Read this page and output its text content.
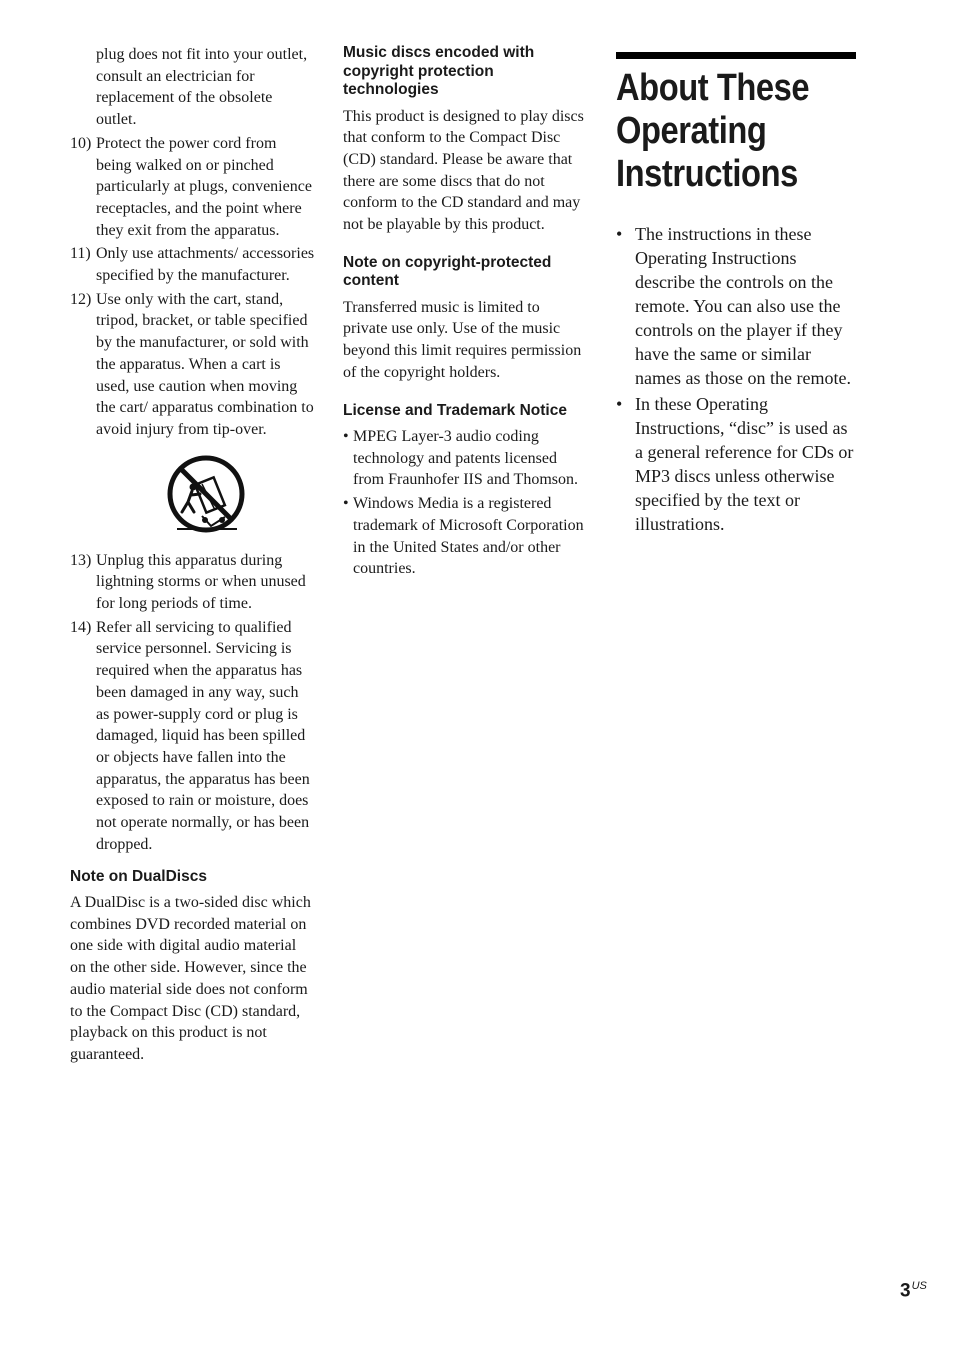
plug does not fit into your outlet, consult an electrician for replacement of the obsolete outlet.

10) Protect the power cord from being walked on or pinched particularly at plugs, convenience receptacles, and the point where they exit from the apparatus.
11) Only use attachments/ accessories specified by the manufacturer.
12) Use only with the cart, stand, tripod, bracket, or table specified by the manufacturer, or sold with the apparatus. When a cart is used, use caution when moving the cart/ apparatus combination to avoid injury from tip-over.
13) Unplug this apparatus during lightning storms or when unused for long periods of time.
14) Refer all servicing to qualified service personnel. Servicing is required when the apparatus has been damaged in any way, such as power-supply cord or plug is damaged, liquid has been spilled or objects have fallen into the apparatus, the apparatus has been exposed to rain or moisture, does not operate normally, or has been dropped.
Note on DualDiscs

A DualDisc is a two-sided disc which combines DVD recorded material on one side with digital audio material on the other side. However, since the audio material side does not conform to the Compact Disc (CD) standard, playback on this product is not guaranteed.

Music discs encoded with copyright protection technologies

This product is designed to play discs that conform to the Compact Disc (CD) standard. Please be aware that there are some discs that do not conform to the CD standard and may not be playable by this product.

Note on copyright-protected content

Transferred music is limited to private use only. Use of the music beyond this limit requires permission of the copyright holders.

License and Trademark Notice
• MPEG Layer-3 audio coding technology and patents licensed from Fraunhofer IIS and Thomson.
• Windows Media is a registered trademark of Microsoft Corporation in the United States and/or other countries.
About These Operating Instructions
• The instructions in these Operating Instructions describe the controls on the remote. You can also use the controls on the player if they have the same or similar names as those on the remote.
• In these Operating Instructions, “disc” is used as a general reference for CDs or MP3 discs unless otherwise specified by the text or illustrations.
$3^{US}$
